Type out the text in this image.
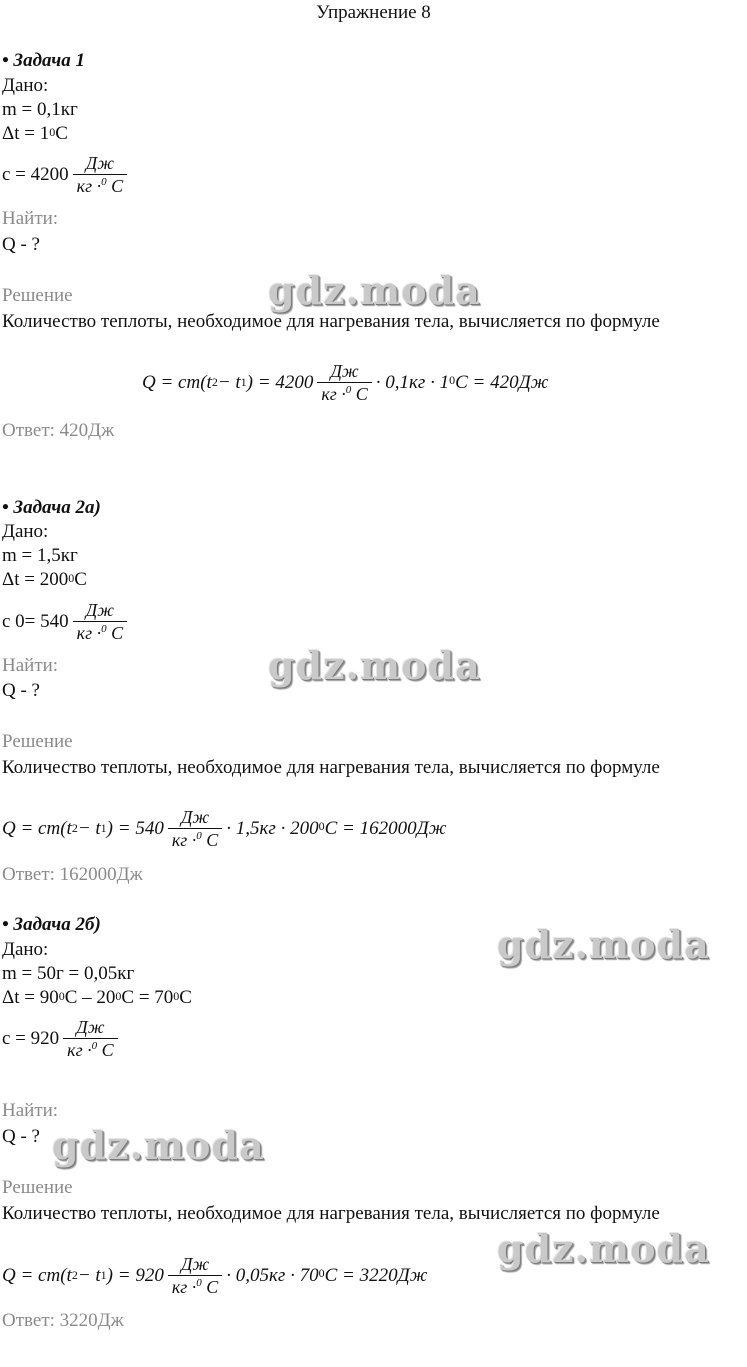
Упражнение 8
gdz.moda
gdz.moda
gdz.moda
gdz.moda
gdz.moda
• Задача 1
Дано:
m = 0,1кг
$\Delta t = 1^0C$
$c = 4200 \frac{Дж}{кг \cdot^0 C}$
Найти:
Q - ?
Решение
Количество теплоты, необходимое для нагревания тела, вычисляется по формуле
Q = cm(t 2 − t 1 ) = $4200 \frac{Дж}{кг \cdot^0 C} \cdot 0,1кг \cdot 1^0$ C = 420Дж
Ответ: 420Дж
• Задача 2а)
Дано:
m = 1,5кг
$\Delta t = 200^0C$
c $0= 540 \frac{Дж}{кг \cdot^0 C}$
Найти:
Q - ?
Решение
Количество теплоты, необходимое для нагревания тела, вычисляется по формуле
Q = cm(t 2 − t 1 ) = $540 \frac{Дж}{кг \cdot^0 C} \cdot 1,5кг \cdot 200^0$ C = 162000Дж
Ответ: 162000Дж
• Задача 2б)
Дано:
m = 50г = 0,05кг
$\Delta t = 90^0C - 20^0C = 70^0C$
$c = 920 \frac{Дж}{кг \cdot^0 C}$
Найти:
Q - ?
Решение
Количество теплоты, необходимое для нагревания тела, вычисляется по формуле
Q = cm(t 2 − t 1 ) = $920 \frac{Дж}{кг \cdot^0 C} \cdot 0,05кг \cdot 70^0$ C = 3220Дж
Ответ: 3220Дж
